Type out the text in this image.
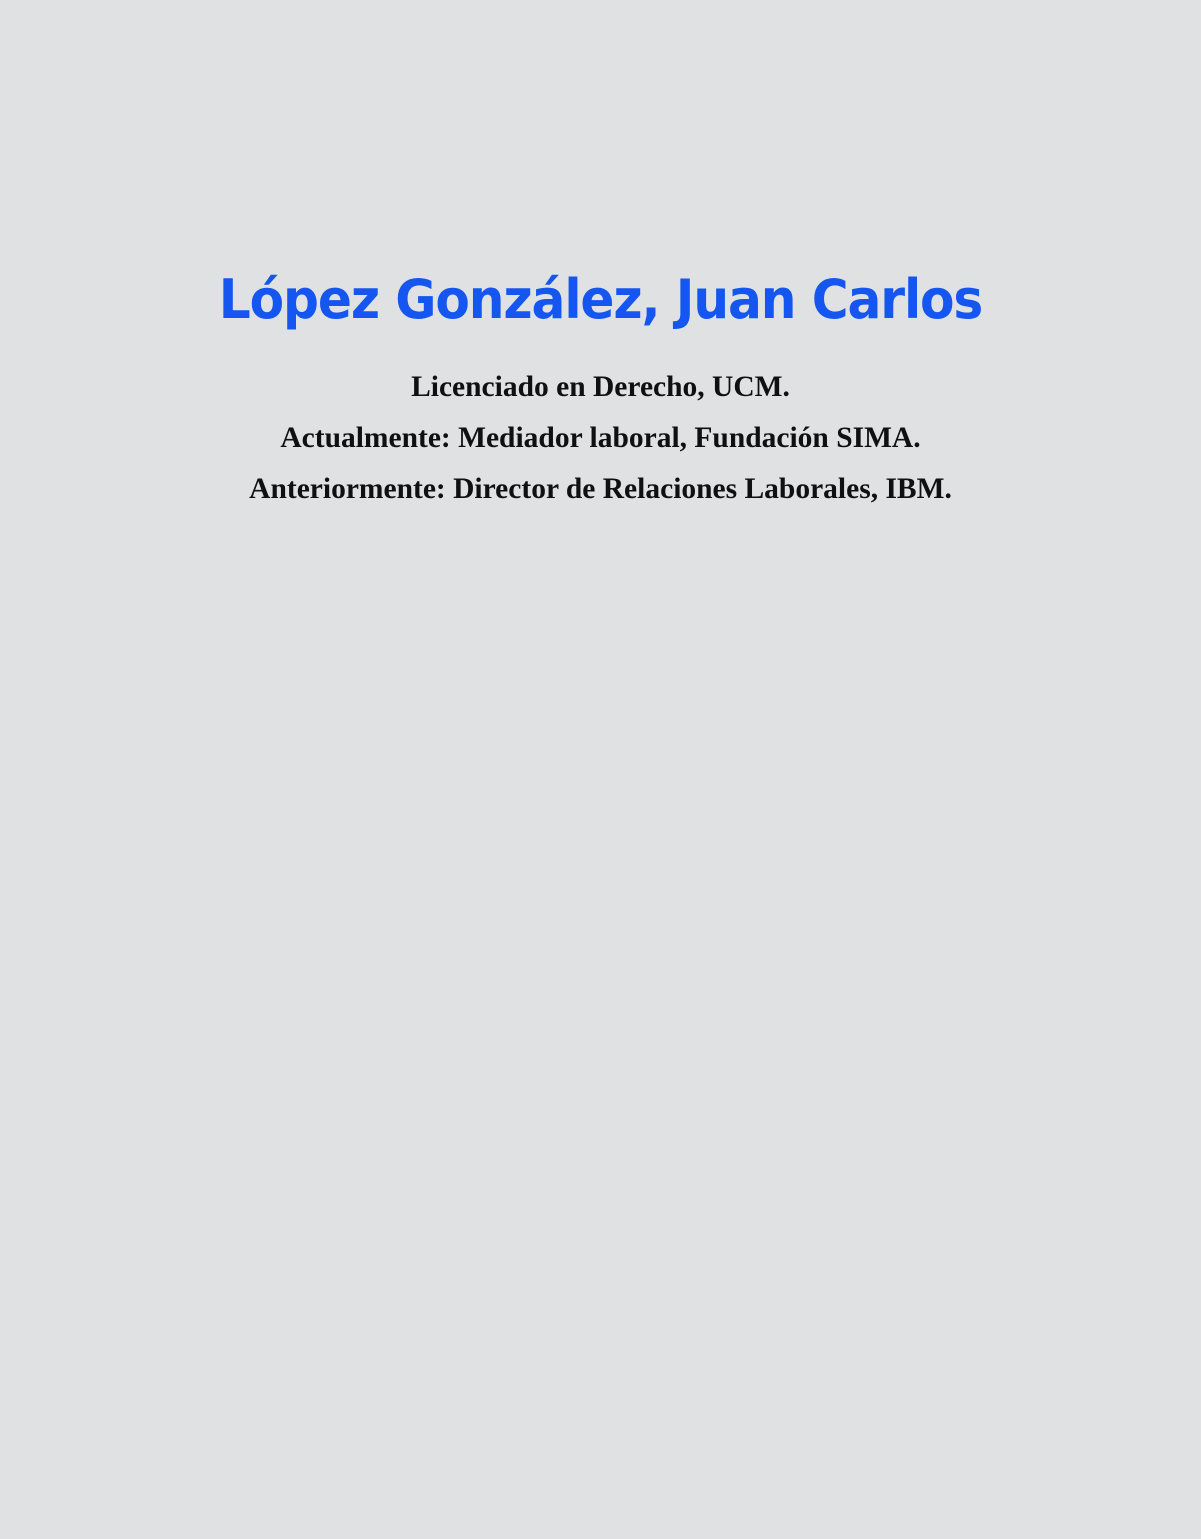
López González, Juan Carlos
Licenciado en Derecho, UCM.
Actualmente: Mediador laboral, Fundación SIMA.
Anteriormente: Director de Relaciones Laborales, IBM.
